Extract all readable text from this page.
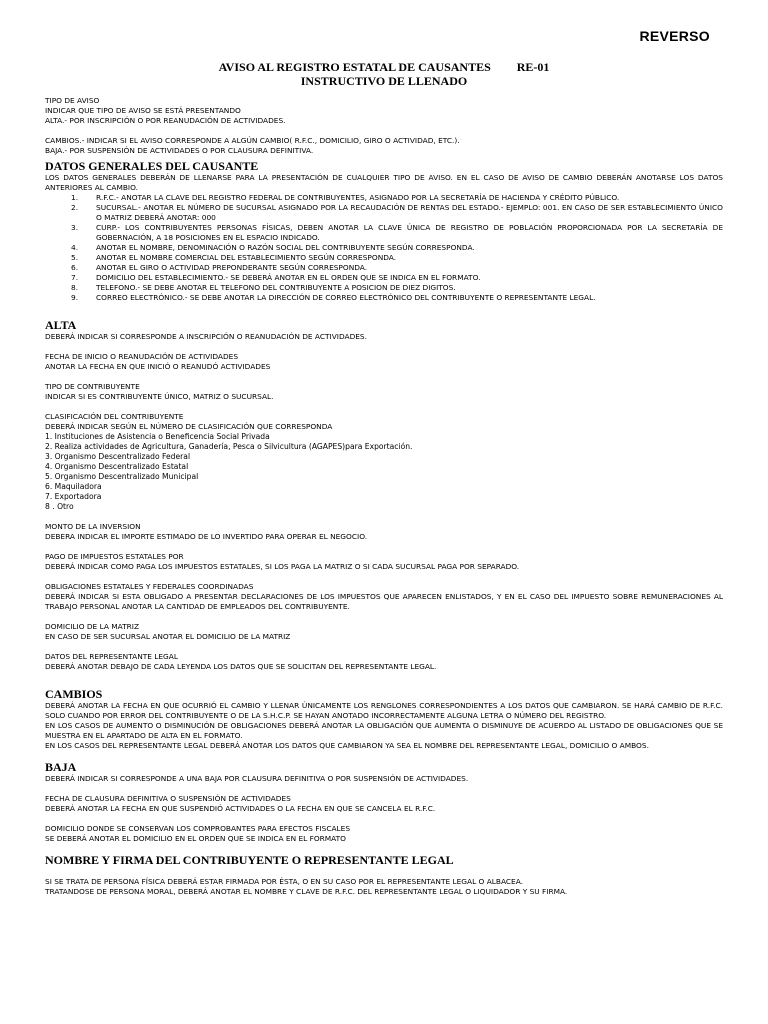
REVERSO
AVISO AL REGISTRO ESTATAL DE CAUSANTES RE-01
INSTRUCTIVO DE LLENADO

TIPO DE AVISO

INDICAR QUE TIPO DE AVISO SE ESTÁ PRESENTANDO

ALTA.- POR INSCRIPCIÓN O POR REANUDACIÓN DE ACTIVIDADES.

CAMBIOS.- INDICAR SI EL AVISO CORRESPONDE A ALGÚN CAMBIO( R.F.C., DOMICILIO, GIRO O ACTIVIDAD, ETC.).

BAJA.- POR SUSPENSIÓN DE ACTIVIDADES O POR CLAUSURA DEFINITIVA.

DATOS GENERALES DEL CAUSANTE

LOS DATOS GENERALES DEBERÁN DE LLENARSE PARA LA PRESENTACIÓN DE CUALQUIER TIPO DE AVISO. EN EL CASO DE AVISO DE CAMBIO DEBERÁN ANOTARSE LOS DATOS ANTERIORES AL CAMBIO.

1.	R.F.C.- ANOTAR LA CLAVE DEL REGISTRO FEDERAL DE CONTRIBUYENTES, ASIGNADO POR LA SECRETARÍA DE HACIENDA Y CRÉDITO PÚBLICO.
2.	SUCURSAL.- ANOTAR EL NÚMERO DE SUCURSAL ASIGNADO POR LA RECAUDACIÓN DE RENTAS DEL ESTADO.- EJEMPLO: 001. EN CASO DE SER ESTABLECIMIENTO ÚNICO O MATRIZ DEBERÁ ANOTAR: 000
3.	CURP.- LOS CONTRIBUYENTES PERSONAS FÍSICAS, DEBEN ANOTAR LA CLAVE ÚNICA DE REGISTRO DE POBLACIÓN PROPORCIONADA POR LA SECRETARÍA DE GOBERNACIÓN, A 18 POSICIONES EN EL ESPACIO INDICADO.
4.	ANOTAR EL NOMBRE, DENOMINACIÓN O RAZÓN SOCIAL DEL CONTRIBUYENTE SEGÚN CORRESPONDA.
5.	ANOTAR EL NOMBRE COMERCIAL DEL ESTABLECIMIENTO SEGÚN CORRESPONDA.
6.	ANOTAR EL GIRO O ACTIVIDAD PREPONDERANTE SEGÚN CORRESPONDA.
7.	DOMICILIO DEL ESTABLECIMIENTO.- SE DEBERÁ ANOTAR EN EL ORDEN QUE SE INDICA EN EL FORMATO.
8.	TELEFONO.- SE DEBE ANOTAR EL TELEFONO DEL CONTRIBUYENTE A POSICION DE DIEZ DIGITOS.
9.	CORREO ELECTRÓNICO.- SE DEBE ANOTAR LA DIRECCIÓN DE CORREO ELECTRÓNICO DEL CONTRIBUYENTE O REPRESENTANTE LEGAL.

ALTA

DEBERÁ INDICAR SI CORRESPONDE A INSCRIPCIÓN O REANUDACIÓN DE ACTIVIDADES.

FECHA DE INICIO O REANUDACIÓN DE ACTIVIDADES

ANOTAR LA FECHA EN QUE INICIÓ O REANUDÓ ACTIVIDADES

TIPO DE CONTRIBUYENTE

INDICAR SI ES CONTRIBUYENTE ÚNICO, MATRIZ O SUCURSAL.

CLASIFICACIÓN DEL CONTRIBUYENTE

DEBERÁ INDICAR SEGÚN EL NÚMERO DE CLASIFICACIÓN QUE CORRESPONDA

1. Instituciones de Asistencia o Beneficencia Social Privada
2. Realiza actividades de Agricultura, Ganadería, Pesca o Silvicultura (AGAPES)para Exportación.
3. Organismo Descentralizado Federal
4. Organismo Descentralizado Estatal
5. Organismo Descentralizado Municipal
6. Maquiladora
7. Exportadora
8 . Otro

MONTO DE LA INVERSION

DEBERA INDICAR EL IMPORTE ESTIMADO DE LO INVERTIDO PARA OPERAR EL NEGOCIO.

PAGO DE IMPUESTOS ESTATALES POR

DEBERÁ INDICAR COMO PAGA LOS IMPUESTOS ESTATALES, SI LOS PAGA LA MATRIZ O SI CADA SUCURSAL PAGA POR SEPARADO.

OBLIGACIONES ESTATALES Y FEDERALES COORDINADAS

DEBERÁ INDICAR SI ESTA OBLIGADO A PRESENTAR DECLARACIONES DE LOS IMPUESTOS QUE APARECEN ENLISTADOS, Y EN EL CASO DEL IMPUESTO SOBRE REMUNERACIONES AL TRABAJO PERSONAL ANOTAR LA CANTIDAD DE EMPLEADOS DEL CONTRIBUYENTE.

DOMICILIO DE LA MATRIZ

EN CASO DE SER SUCURSAL ANOTAR EL DOMICILIO DE LA MATRIZ

DATOS DEL REPRESENTANTE LEGAL

DEBERÁ ANOTAR DEBAJO DE CADA LEYENDA LOS DATOS QUE SE SOLICITAN DEL REPRESENTANTE LEGAL.

CAMBIOS

DEBERÁ ANOTAR LA FECHA EN QUE OCURRIÓ EL CAMBIO Y LLENAR ÚNICAMENTE LOS RENGLONES CORRESPONDIENTES A LOS DATOS QUE CAMBIARON. SE HARÁ CAMBIO DE R.F.C. SOLO CUANDO POR ERROR DEL CONTRIBUYENTE O DE LA S.H.C.P. SE HAYAN ANOTADO INCORRECTAMENTE ALGUNA LETRA O NÚMERO DEL REGISTRO.

EN LOS CASOS DE AUMENTO O DISMINUCIÓN DE OBLIGACIONES DEBERÁ ANOTAR LA OBLIGACIÓN QUE AUMENTA O DISMINUYE DE ACUERDO AL LISTADO DE OBLIGACIONES QUE SE MUESTRA EN EL APARTADO DE ALTA EN EL FORMATO.

EN LOS CASOS DEL REPRESENTANTE LEGAL DEBERÁ ANOTAR LOS DATOS QUE CAMBIARON YA SEA EL NOMBRE DEL REPRESENTANTE LEGAL, DOMICILIO O AMBOS.

BAJA

DEBERÁ INDICAR SI CORRESPONDE A UNA BAJA POR CLAUSURA DEFINITIVA O POR SUSPENSIÓN DE ACTIVIDADES.

FECHA DE CLAUSURA DEFINITIVA O SUSPENSIÓN DE ACTIVIDADES

DEBERÁ ANOTAR LA FECHA EN QUE SUSPENDIÓ ACTIVIDADES O LA FECHA EN QUE SE CANCELA EL R.F.C.

DOMICILIO DONDE SE CONSERVAN LOS COMPROBANTES PARA EFECTOS FISCALES

SE DEBERÁ ANOTAR EL DOMICILIO EN EL ORDEN QUE SE INDICA EN EL FORMATO

NOMBRE Y FIRMA DEL CONTRIBUYENTE O REPRESENTANTE LEGAL

SI SE TRATA DE PERSONA FÍSICA DEBERÁ ESTAR FIRMADA POR ÉSTA, O EN SU CASO POR EL REPRESENTANTE LEGAL O ALBACEA.

TRATANDOSE DE PERSONA MORAL, DEBERÁ ANOTAR EL NOMBRE Y CLAVE DE R.F.C. DEL REPRESENTANTE LEGAL O LIQUIDADOR Y SU FIRMA.
